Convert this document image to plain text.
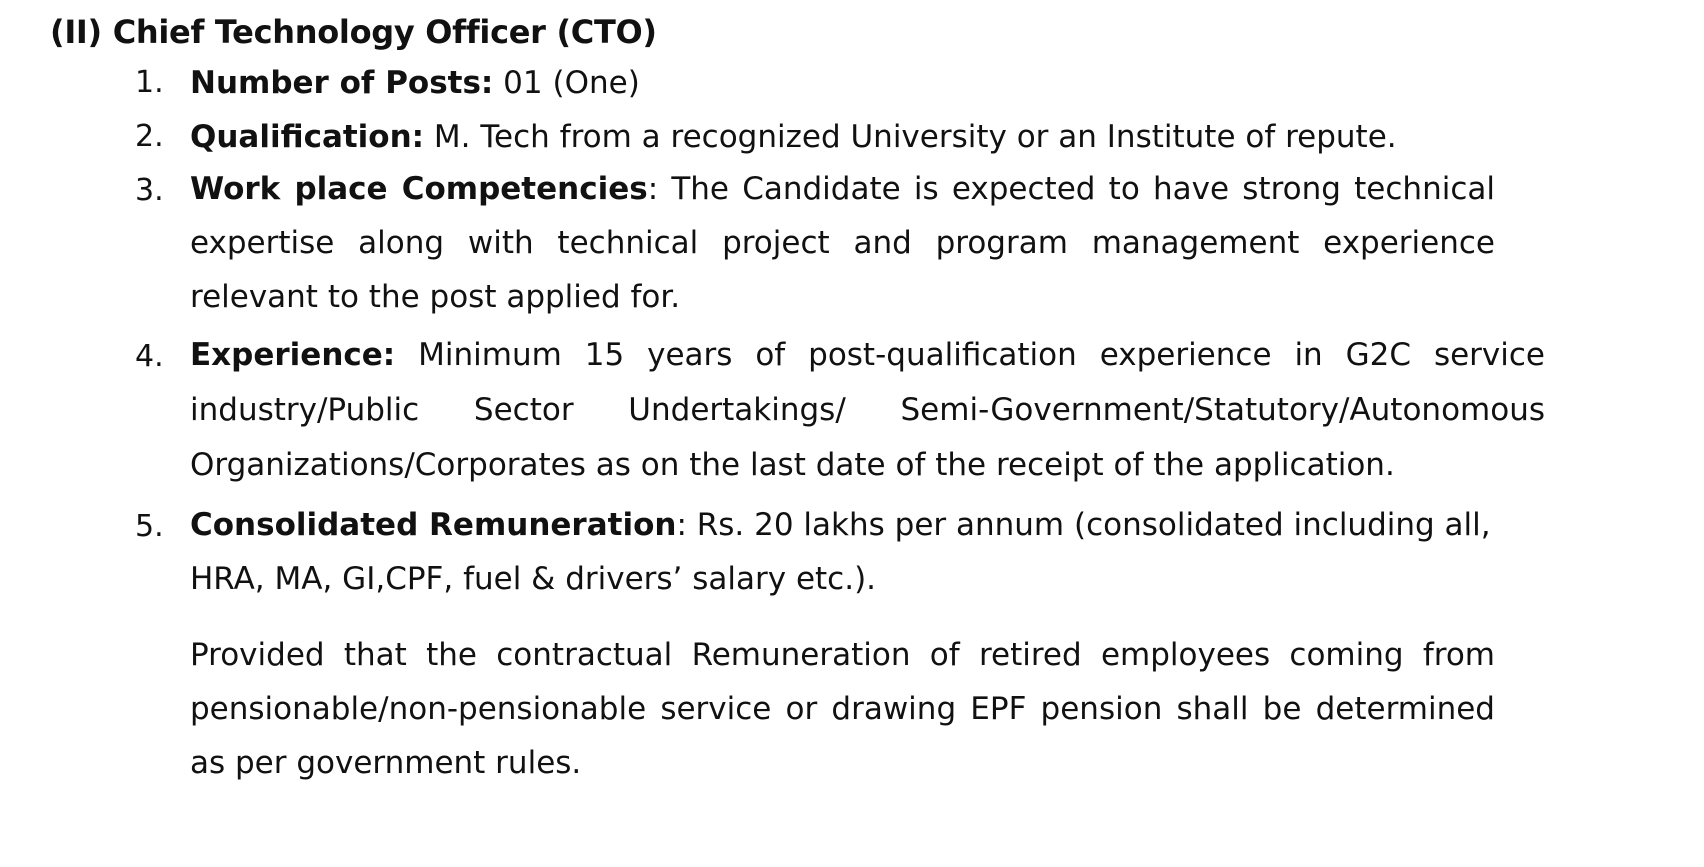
(II) Chief Technology Officer (CTO)
1. Number of Posts: 01 (One)
2. Qualification: M. Tech from a recognized University or an Institute of repute.
3. Work place Competencies: The Candidate is expected to have strong technical expertise along with technical project and program management experience relevant to the post applied for.
4. Experience: Minimum 15 years of post-qualification experience in G2C service industry/Public Sector Undertakings/ Semi-Government/Statutory/Autonomous Organizations/Corporates as on the last date of the receipt of the application.
5. Consolidated Remuneration: Rs. 20 lakhs per annum (consolidated including all, HRA, MA, GI,CPF, fuel & drivers’ salary etc.).
Provided that the contractual Remuneration of retired employees coming from pensionable/non-pensionable service or drawing EPF pension shall be determined as per government rules.
